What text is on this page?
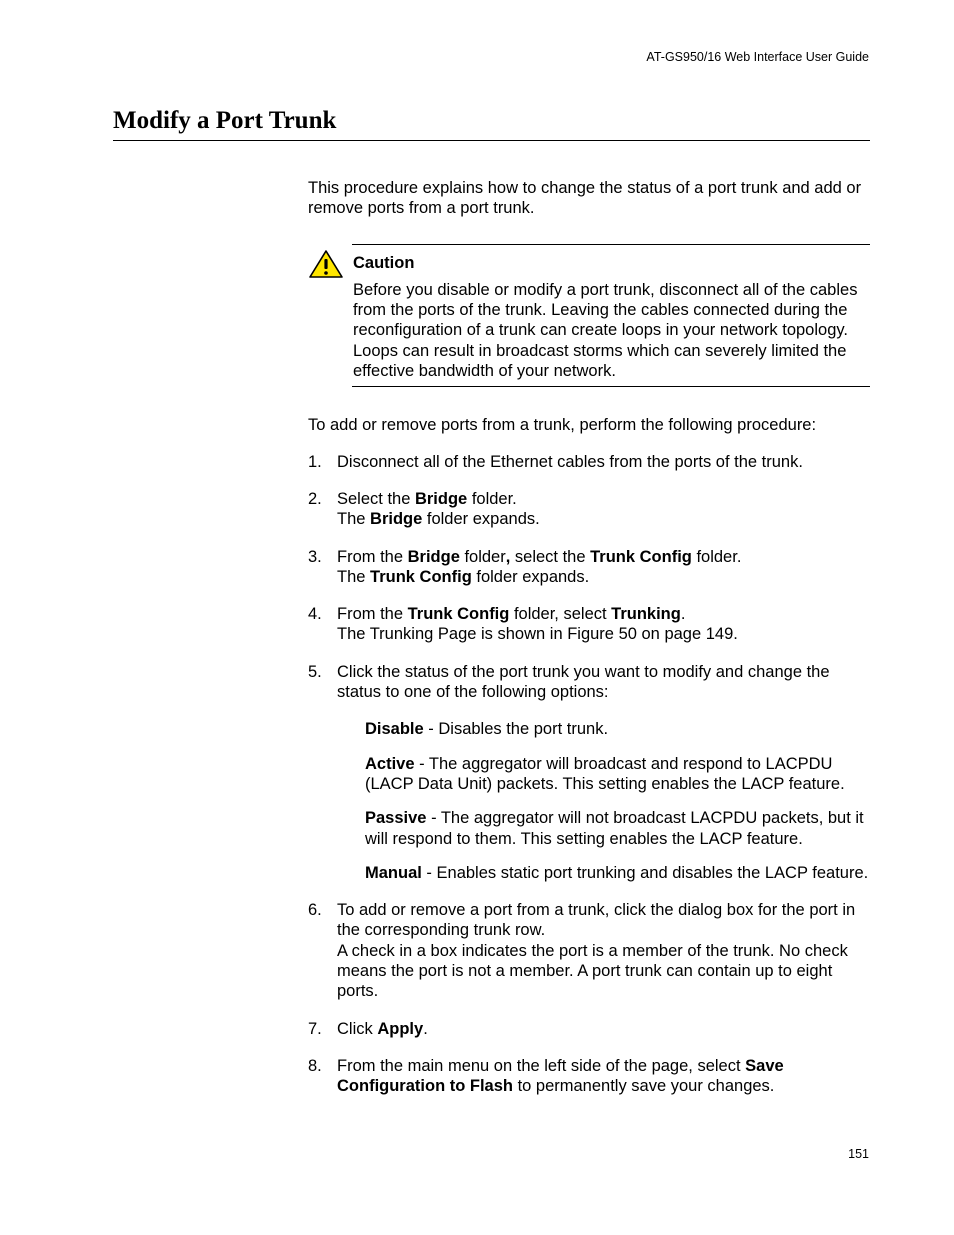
AT-GS950/16 Web Interface User Guide
Modify a Port Trunk

This procedure explains how to change the status of a port trunk and add or remove ports from a port trunk.

Caution
Before you disable or modify a port trunk, disconnect all of the cables from the ports of the trunk. Leaving the cables connected during the reconfiguration of a trunk can create loops in your network topology. Loops can result in broadcast storms which can severely limited the effective bandwidth of your network.

To add or remove ports from a trunk, perform the following procedure:

1. Disconnect all of the Ethernet cables from the ports of the trunk.
2. Select the Bridge folder.
The Bridge folder expands.
3. From the Bridge folder, select the Trunk Config folder.
The Trunk Config folder expands.
4. From the Trunk Config folder, select Trunking.
The Trunking Page is shown in Figure 50 on page 149.
5. Click the status of the port trunk you want to modify and change the status to one of the following options:

Disable - Disables the port trunk.

Active - The aggregator will broadcast and respond to LACPDU (LACP Data Unit) packets. This setting enables the LACP feature.

Passive - The aggregator will not broadcast LACPDU packets, but it will respond to them. This setting enables the LACP feature.

Manual - Enables static port trunking and disables the LACP feature.

6. To add or remove a port from a trunk, click the dialog box for the port in the corresponding trunk row.
A check in a box indicates the port is a member of the trunk. No check means the port is not a member. A port trunk can contain up to eight ports.
7. Click Apply.
8. From the main menu on the left side of the page, select Save Configuration to Flash to permanently save your changes.
151
